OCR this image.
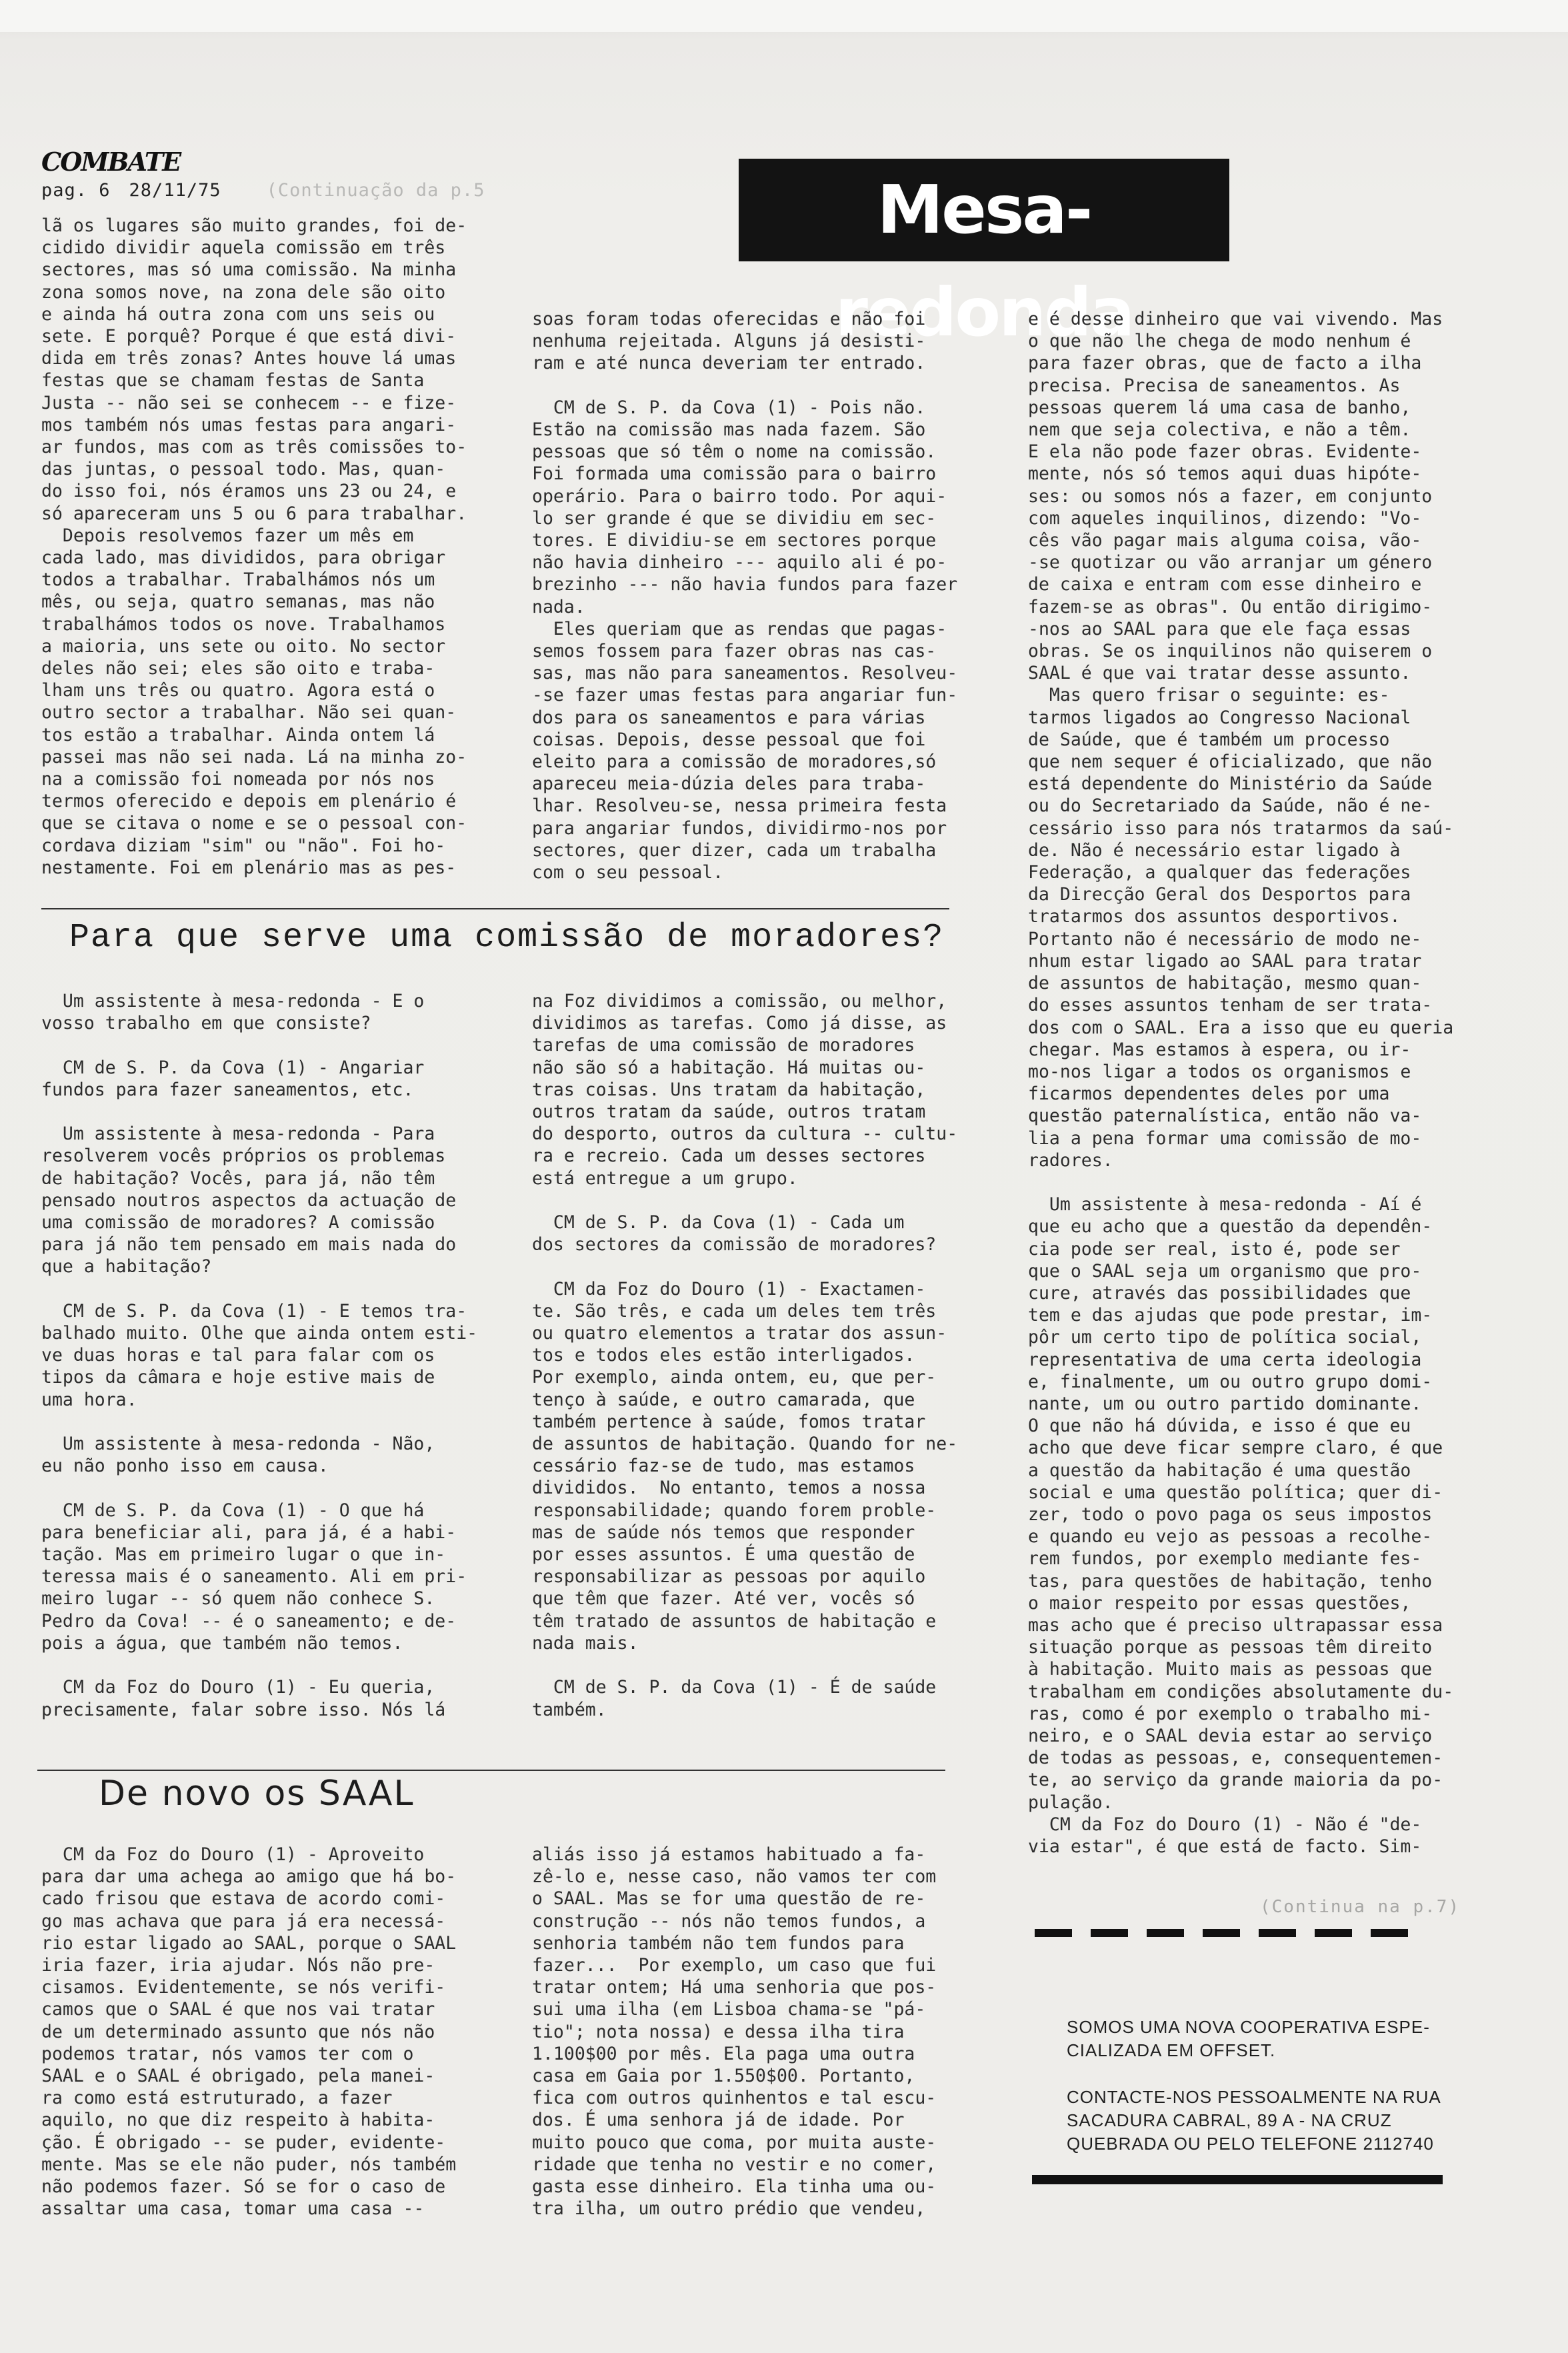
COMBATE
pag. 6 28/11/75	(Continuação da p.5	Mesa-redonda

lã os lugares são muito grandes, foi de-

cidido dividir aquela comissão em três

sectores, mas só uma comissão. Na minha

zona somos nove, na zona dele são oito

e ainda há outra zona com uns seis ou

sete. E porquê? Porque é que está divi-

dida em três zonas? Antes houve lá umas

festas que se chamam festas de Santa

Justa -- não sei se conhecem -- e fize-

mos também nós umas festas para angari-

ar fundos, mas com as três comissões to-

das juntas, o pessoal todo. Mas, quan-

do isso foi, nós éramos uns 23 ou 24, e

só apareceram uns 5 ou 6 para trabalhar.

Depois resolvemos fazer um mês em

cada lado, mas divididos, para obrigar

todos a trabalhar. Trabalhámos nós um

mês, ou seja, quatro semanas, mas não

trabalhámos todos os nove. Trabalhamos

a maioria, uns sete ou oito. No sector

deles não sei; eles são oito e traba-

lham uns três ou quatro. Agora está o

outro sector a trabalhar. Não sei quan-

tos estão a trabalhar. Ainda ontem lá

passei mas não sei nada. Lá na minha zo-

na a comissão foi nomeada por nós nos

termos oferecido e depois em plenário é

que se citava o nome e se o pessoal con-

cordava diziam "sim" ou "não". Foi ho-

nestamente. Foi em plenário mas as pes-

soas foram todas oferecidas e não foi

nenhuma rejeitada. Alguns já desisti-

ram e até nunca deveriam ter entrado.

CM de S. P. da Cova (1) - Pois não.

Estão na comissão mas nada fazem. São

pessoas que só têm o nome na comissão.

Foi formada uma comissão para o bairro

operário. Para o bairro todo. Por aqui-

lo ser grande é que se dividiu em sec-

tores. E dividiu-se em sectores porque

não havia dinheiro --- aquilo ali é po-

brezinho --- não havia fundos para fazer

nada.

Eles queriam que as rendas que pagas-

semos fossem para fazer obras nas cas-

sas, mas não para saneamentos. Resolveu-

-se fazer umas festas para angariar fun-

dos para os saneamentos e para várias

coisas. Depois, desse pessoal que foi

eleito para a comissão de moradores,só

apareceu meia-dúzia deles para traba-

lhar. Resolveu-se, nessa primeira festa

para angariar fundos, dividirmo-nos por

sectores, quer dizer, cada um trabalha

com o seu pessoal.

e é desse dinheiro que vai vivendo. Mas

o que não lhe chega de modo nenhum é

para fazer obras, que de facto a ilha

precisa. Precisa de saneamentos. As

pessoas querem lá uma casa de banho,

nem que seja colectiva, e não a têm.

E ela não pode fazer obras. Evidente-

mente, nós só temos aqui duas hipóte-

ses: ou somos nós a fazer, em conjunto

com aqueles inquilinos, dizendo: "Vo-

cês vão pagar mais alguma coisa, vão-

-se quotizar ou vão arranjar um género

de caixa e entram com esse dinheiro e

fazem-se as obras". Ou então dirigimo-

-nos ao SAAL para que ele faça essas

obras. Se os inquilinos não quiserem o

SAAL é que vai tratar desse assunto.

Mas quero frisar o seguinte: es-

tarmos ligados ao Congresso Nacional

de Saúde, que é também um processo

que nem sequer é oficializado, que não

está dependente do Ministério da Saúde

ou do Secretariado da Saúde, não é ne-

cessário isso para nós tratarmos da saú-

de. Não é necessário estar ligado à

Federação, a qualquer das federações

da Direcção Geral dos Desportos para

tratarmos dos assuntos desportivos.

Portanto não é necessário de modo ne-

nhum estar ligado ao SAAL para tratar

de assuntos de habitação, mesmo quan-

do esses assuntos tenham de ser trata-

dos com o SAAL. Era a isso que eu queria

chegar. Mas estamos à espera, ou ir-

mo-nos ligar a todos os organismos e

ficarmos dependentes deles por uma

questão paternalística, então não va-

lia a pena formar uma comissão de mo-

radores.

Um assistente à mesa-redonda - Aí é

que eu acho que a questão da dependên-

cia pode ser real, isto é, pode ser

que o SAAL seja um organismo que pro-

cure, através das possibilidades que

tem e das ajudas que pode prestar, im-

pôr um certo tipo de política social,

representativa de uma certa ideologia

e, finalmente, um ou outro grupo domi-

nante, um ou outro partido dominante.

O que não há dúvida, e isso é que eu

acho que deve ficar sempre claro, é que

a questão da habitação é uma questão

social e uma questão política; quer di-

zer, todo o povo paga os seus impostos

e quando eu vejo as pessoas a recolhe-

rem fundos, por exemplo mediante fes-

tas, para questões de habitação, tenho

o maior respeito por essas questões,

mas acho que é preciso ultrapassar essa

situação porque as pessoas têm direito

à habitação. Muito mais as pessoas que

trabalham em condições absolutamente du-

ras, como é por exemplo o trabalho mi-

neiro, e o SAAL devia estar ao serviço

de todas as pessoas, e, consequentemen-

te, ao serviço da grande maioria da po-

pulação.

CM da Foz do Douro (1) - Não é "de-

via estar", é que está de facto. Sim-

Para que serve uma comissão de moradores?

Um assistente à mesa-redonda - E o

vosso trabalho em que consiste?

CM de S. P. da Cova (1) - Angariar

fundos para fazer saneamentos, etc.

Um assistente à mesa-redonda - Para

resolverem vocês próprios os problemas

de habitação? Vocês, para já, não têm

pensado noutros aspectos da actuação de

uma comissão de moradores? A comissão

para já não tem pensado em mais nada do

que a habitação?

CM de S. P. da Cova (1) - E temos tra-

balhado muito. Olhe que ainda ontem esti-

ve duas horas e tal para falar com os

tipos da câmara e hoje estive mais de

uma hora.

Um assistente à mesa-redonda - Não,

eu não ponho isso em causa.

CM de S. P. da Cova (1) - O que há

para beneficiar ali, para já, é a habi-

tação. Mas em primeiro lugar o que in-

teressa mais é o saneamento. Ali em pri-

meiro lugar -- só quem não conhece S.

Pedro da Cova! -- é o saneamento; e de-

pois a água, que também não temos.

CM da Foz do Douro (1) - Eu queria,

precisamente, falar sobre isso. Nós lá

na Foz dividimos a comissão, ou melhor,

dividimos as tarefas. Como já disse, as

tarefas de uma comissão de moradores

não são só a habitação. Há muitas ou-

tras coisas. Uns tratam da habitação,

outros tratam da saúde, outros tratam

do desporto, outros da cultura -- cultu-

ra e recreio. Cada um desses sectores

está entregue a um grupo.

CM de S. P. da Cova (1) - Cada um

dos sectores da comissão de moradores?

CM da Foz do Douro (1) - Exactamen-

te. São três, e cada um deles tem três

ou quatro elementos a tratar dos assun-

tos e todos eles estão interligados.

Por exemplo, ainda ontem, eu, que per-

tenço à saúde, e outro camarada, que

também pertence à saúde, fomos tratar

de assuntos de habitação. Quando for ne-

cessário faz-se de tudo, mas estamos

divididos.  No entanto, temos a nossa

responsabilidade; quando forem proble-

mas de saúde nós temos que responder

por esses assuntos. É uma questão de

responsabilizar as pessoas por aquilo

que têm que fazer. Até ver, vocês só

têm tratado de assuntos de habitação e

nada mais.

CM de S. P. da Cova (1) - É de saúde

também.

De novo os SAAL

CM da Foz do Douro (1) - Aproveito

para dar uma achega ao amigo que há bo-

cado frisou que estava de acordo comi-

go mas achava que para já era necessá-

rio estar ligado ao SAAL, porque o SAAL

iria fazer, iria ajudar. Nós não pre-

cisamos. Evidentemente, se nós verifi-

camos que o SAAL é que nos vai tratar

de um determinado assunto que nós não

podemos tratar, nós vamos ter com o

SAAL e o SAAL é obrigado, pela manei-

ra como está estruturado, a fazer

aquilo, no que diz respeito à habita-

ção. É obrigado -- se puder, evidente-

mente. Mas se ele não puder, nós também

não podemos fazer. Só se for o caso de

assaltar uma casa, tomar uma casa --

aliás isso já estamos habituado a fa-

zê-lo e, nesse caso, não vamos ter com

o SAAL. Mas se for uma questão de re-

construção -- nós não temos fundos, a

senhoria também não tem fundos para

fazer...  Por exemplo, um caso que fui

tratar ontem; Há uma senhoria que pos-

sui uma ilha (em Lisboa chama-se "pá-

tio"; nota nossa) e dessa ilha tira

1.100$00 por mês. Ela paga uma outra

casa em Gaia por 1.550$00. Portanto,

fica com outros quinhentos e tal escu-

dos. É uma senhora já de idade. Por

muito pouco que coma, por muita auste-

ridade que tenha no vestir e no comer,

gasta esse dinheiro. Ela tinha uma ou-

tra ilha, um outro prédio que vendeu,

(Continua na p.7)

SOMOS UMA NOVA COOPERATIVA ESPE-

CIALIZADA EM OFFSET.

CONTACTE-NOS PESSOALMENTE NA RUA

SACADURA CABRAL, 89 A - NA CRUZ

QUEBRADA OU PELO TELEFONE 2112740
